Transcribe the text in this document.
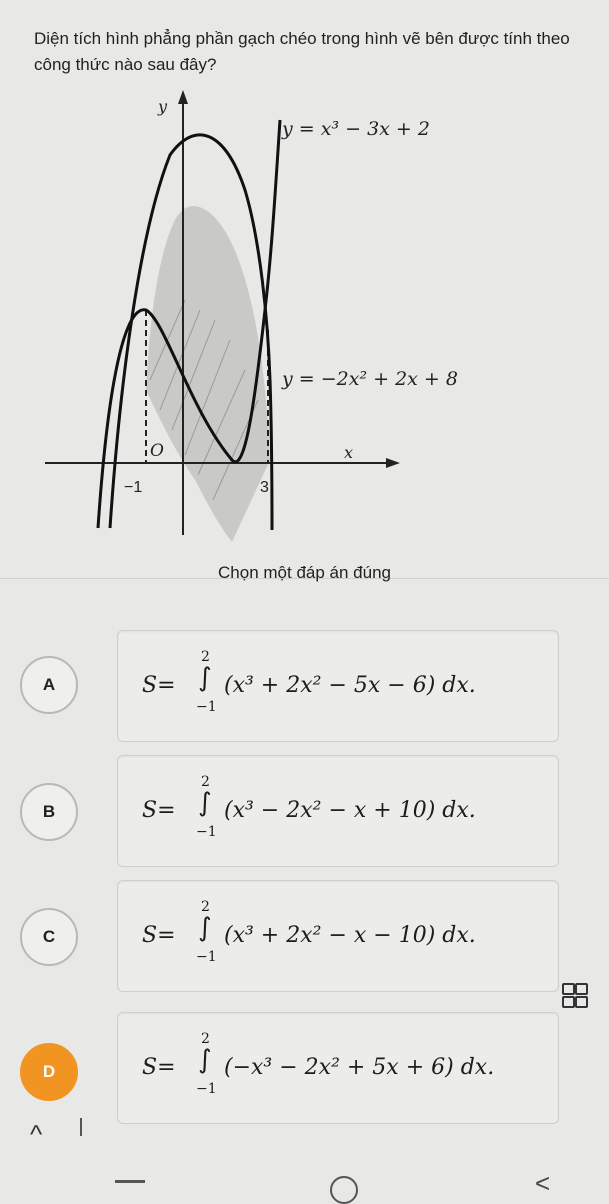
Diện tích hình phẳng phần gạch chéo trong hình vẽ bên được tính theo công thức nào sau đây?
y
x
O
−1	3
y = x³ − 3x + 2
y = −2x² + 2x + 8
Chọn một đáp án đúng
A	S=
2
∫
−1
(x³ + 2x² − 5x − 6) dx.
B	S=
2
∫
−1
(x³ − 2x² − x + 10) dx.
C	S=
2
∫
−1
(x³ + 2x² − x − 10) dx.
D	S=
2
∫
−1
(−x³ − 2x² + 5x + 6) dx.
^
<
